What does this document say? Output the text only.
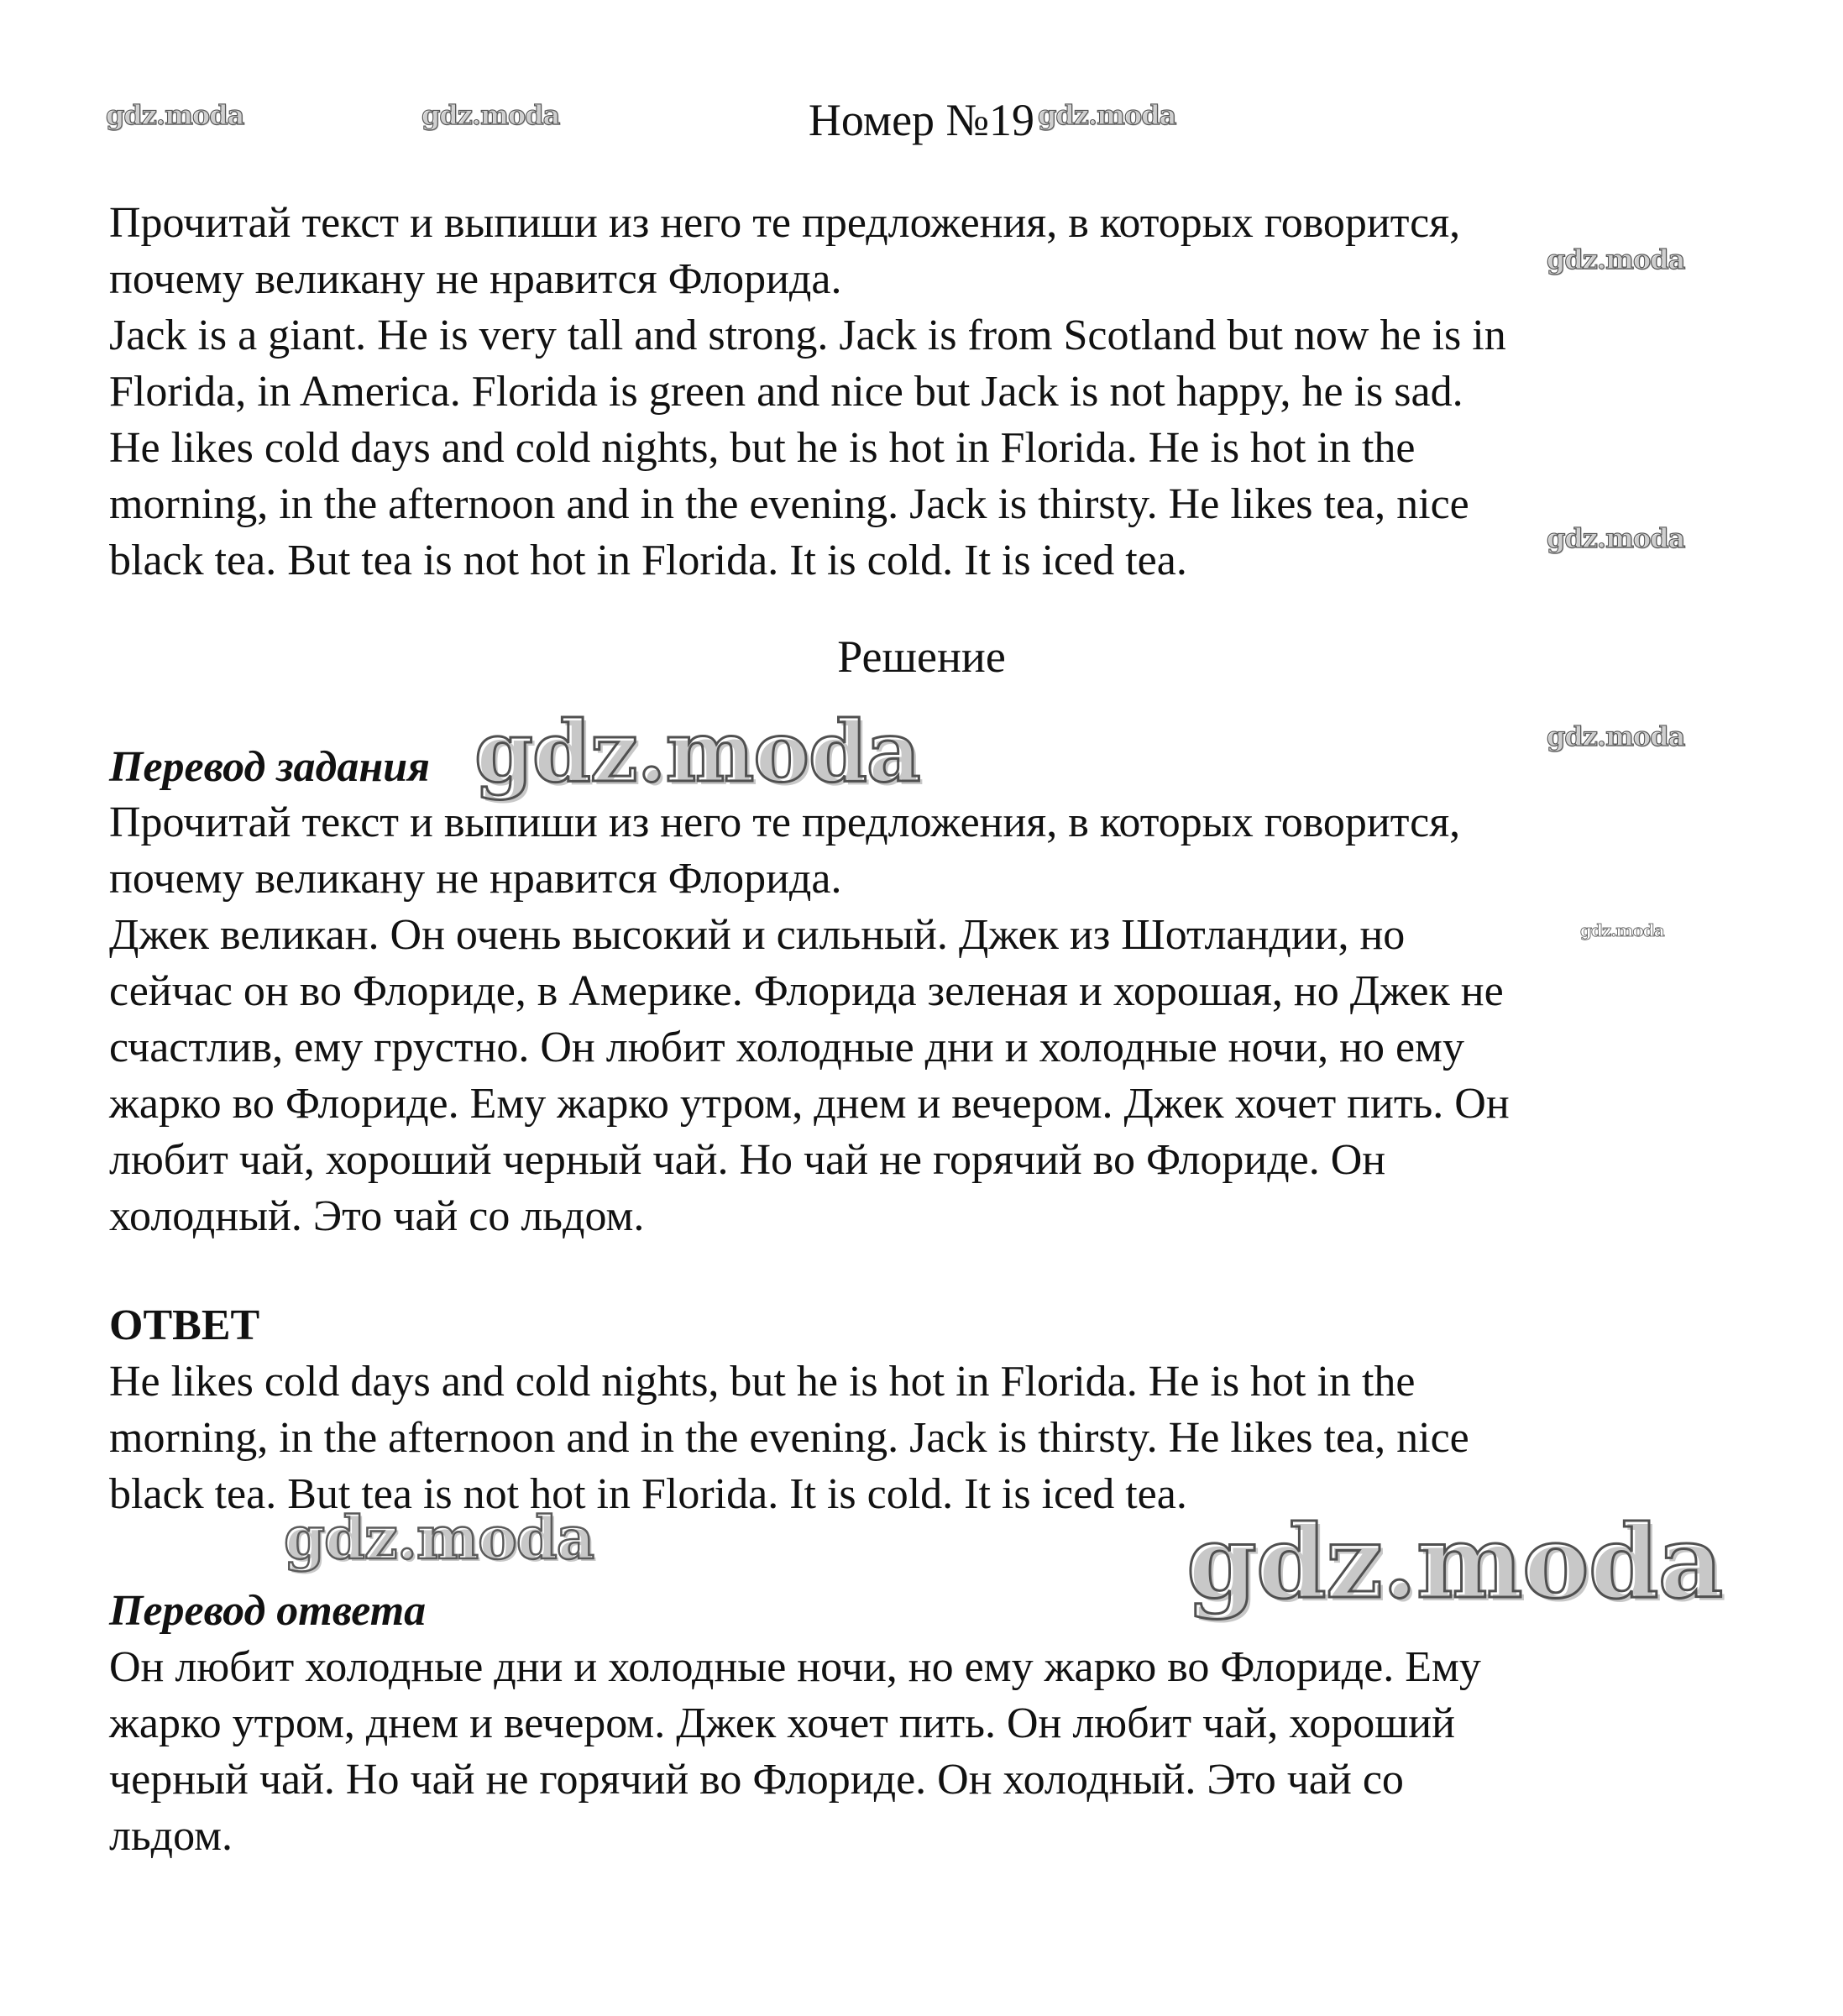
Номер №19

Прочитай текст и выпиши из него те предложения, в которых говорится,

почему великану не нравится Флорида.

Jack is a giant. He is very tall and strong. Jack is from Scotland but now he is in

Florida, in America. Florida is green and nice but Jack is not happy, he is sad.

He likes cold days and cold nights, but he is hot in Florida. He is hot in the

morning, in the afternoon and in the evening. Jack is thirsty. He likes tea, nice

black tea. But tea is not hot in Florida. It is cold. It is iced tea.

Решение

Перевод задания

Прочитай текст и выпиши из него те предложения, в которых говорится,

почему великану не нравится Флорида.

Джек великан. Он очень высокий и сильный. Джек из Шотландии, но

сейчас он во Флориде, в Америке. Флорида зеленая и хорошая, но Джек не

счастлив, ему грустно. Он любит холодные дни и холодные ночи, но ему

жарко во Флориде. Ему жарко утром, днем и вечером. Джек хочет пить. Он

любит чай, хороший черный чай. Но чай не горячий во Флориде. Он

холодный. Это чай со льдом.

ОТВЕТ

He likes cold days and cold nights, but he is hot in Florida. He is hot in the

morning, in the afternoon and in the evening. Jack is thirsty. He likes tea, nice

black tea. But tea is not hot in Florida. It is cold. It is iced tea.

Перевод ответа

Он любит холодные дни и холодные ночи, но ему жарко во Флориде. Ему

жарко утром, днем и вечером. Джек хочет пить. Он любит чай, хороший

черный чай. Но чай не горячий во Флориде. Он холодный. Это чай со

льдом.

gdz.moda	gdz.moda	gdz.moda
gdz.moda
gdz.moda
gdz.moda
gdz.moda
gdz.moda
gdz.moda	gdz.moda
